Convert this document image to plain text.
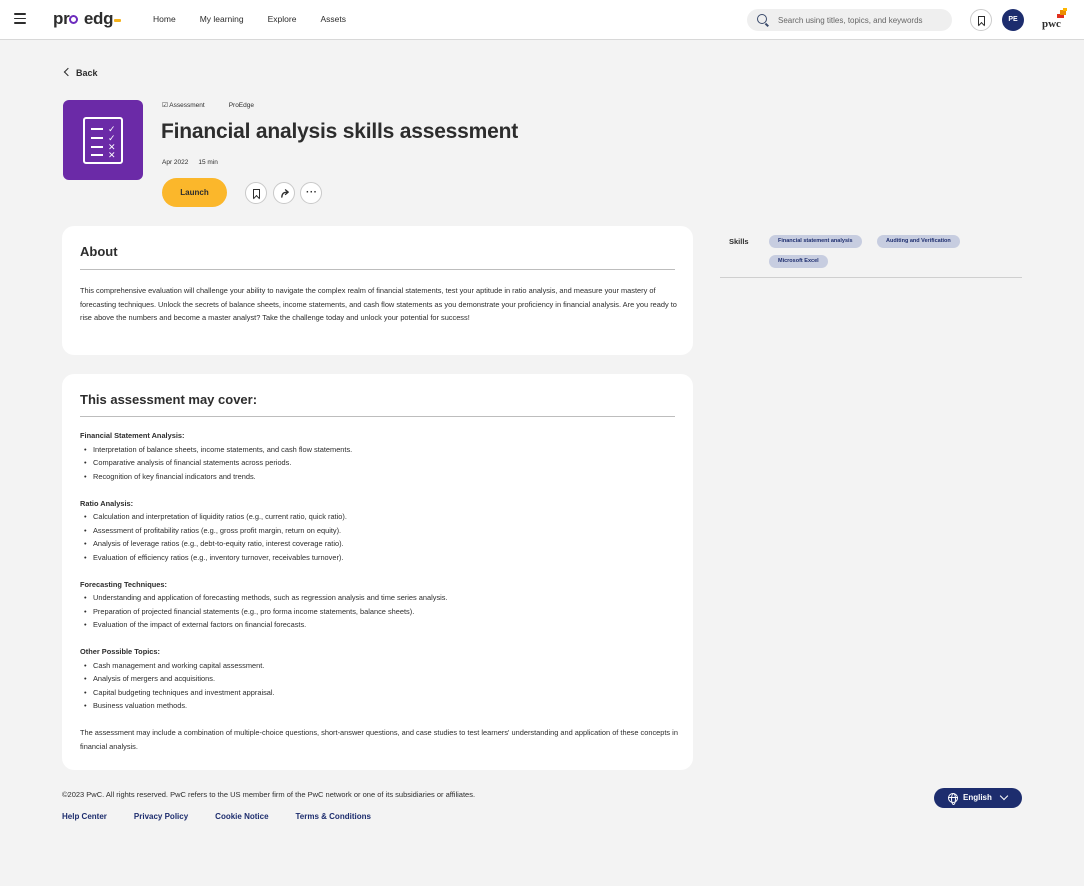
pr edg	Home	My learning	Explore	Assets
Search using titles, topics, and keywords	PE	pwc
Back
✓
✓
✕
✕
☑ Assessment	ProEdge
Financial analysis skills assessment
Apr 2022 15 min
Launch	···
About

This comprehensive evaluation will challenge your ability to navigate the complex realm of financial statements, test your aptitude in ratio analysis, and measure your mastery of forecasting techniques. Unlock the secrets of balance sheets, income statements, and cash flow statements as you demonstrate your proficiency in financial analysis. Are you ready to rise above the numbers and become a master analyst? Take the challenge today and unlock your potential for success!

This assessment may cover:
Financial Statement Analysis:
• Interpretation of balance sheets, income statements, and cash flow statements.
• Comparative analysis of financial statements across periods.
• Recognition of key financial indicators and trends.
Ratio Analysis:
• Calculation and interpretation of liquidity ratios (e.g., current ratio, quick ratio).
• Assessment of profitability ratios (e.g., gross profit margin, return on equity).
• Analysis of leverage ratios (e.g., debt-to-equity ratio, interest coverage ratio).
• Evaluation of efficiency ratios (e.g., inventory turnover, receivables turnover).
Forecasting Techniques:
• Understanding and application of forecasting methods, such as regression analysis and time series analysis.
• Preparation of projected financial statements (e.g., pro forma income statements, balance sheets).
• Evaluation of the impact of external factors on financial forecasts.
Other Possible Topics:
• Cash management and working capital assessment.
• Analysis of mergers and acquisitions.
• Capital budgeting techniques and investment appraisal.
• Business valuation methods.

The assessment may include a combination of multiple-choice questions, short-answer questions, and case studies to test learners' understanding and application of these concepts in financial analysis.

Skills	Financial statement analysis	Auditing and Verification
Microsoft Excel
©2023 PwC. All rights reserved. PwC refers to the US member firm of the PwC network or one of its subsidiaries or affiliates.
Help Center	Privacy Policy	Cookie Notice	Terms & Conditions
English
